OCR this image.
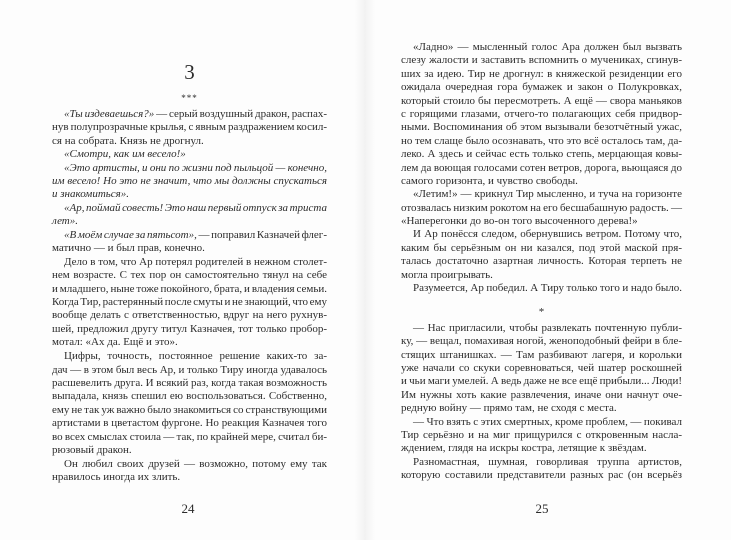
3
***
«Ты издеваешься?» — серый воздушный дракон, распах-
нув полупрозрачные крылья, с явным раздражением косил-
ся на собрата. Князь не дрогнул.
«Смотри, как им весело!»
«Это артисты, и они по жизни под пыльцой — конечно,
им весело! Но это не значит, что мы должны спускаться
и знакомиться».
«Ар, поймай совесть! Это наш первый отпуск за триста
лет».
«В моём случае за пятьсот», — поправил Казначей флег-
матично — и был прав, конечно.
Дело в том, что Ар потерял родителей в нежном столет-
нем возрасте. С тех пор он самостоятельно тянул на себе
и младшего, ныне тоже покойного, брата, и владения семьи.
Когда Тир, растерянный после смуты и не знающий, что ему
вообще делать с ответственностью, вдруг на него рухнув-
шей, предложил другу титул Казначея, тот только пробор-
мотал: «Ах да. Ещё и это».
Цифры, точность, постоянное решение каких-то за-
дач — в этом был весь Ар, и только Тиру иногда удавалось
расшевелить друга. И всякий раз, когда такая возможность
выпадала, князь спешил ею воспользоваться. Собственно,
ему не так уж важно было знакомиться со странствующими
артистами в цветастом фургоне. Но реакция Казначея того
во всех смыслах стоила — так, по крайней мере, считал би-
рюзовый дракон.
Он любил своих друзей — возможно, потому ему так
нравилось иногда их злить.
24
«Ладно» — мысленный голос Ара должен был вызвать
слезу жалости и заставить вспомнить о мучениках, сгинув-
ших за идею. Тир не дрогнул: в княжеской резиденции его
ожидала очередная гора бумажек и закон о Полукровках,
который стоило бы пересмотреть. А ещё — свора маньяков
с горящими глазами, отчего-то полагающих себя придвор-
ными. Воспоминания об этом вызывали безотчётный ужас,
но тем слаще было осознавать, что это всё осталось там, да-
леко. А здесь и сейчас есть только степь, мерцающая ковы-
лем да воющая голосами сотен ветров, дорога, вьющаяся до
самого горизонта, и чувство свободы.
«Летим!» — крикнул Тир мысленно, и туча на горизонте
отозвалась низким рокотом на его бесшабашную радость. —
«Наперегонки до во-он того высоченного дерева!»
И Ар понёсся следом, обернувшись ветром. Потому что,
каким бы серьёзным он ни казался, под этой маской пря-
талась достаточно азартная личность. Которая терпеть не
могла проигрывать.
Разумеется, Ар победил. А Тиру только того и надо было.
*
— Нас пригласили, чтобы развлекать почтенную публи-
ку, — вещал, помахивая ногой, женоподобный фейри в бле-
стящих штанишках. — Там разбивают лагеря, и корольки
уже начали со скуки соревноваться, чей шатер роскошней
и чьи маги умелей. А ведь даже не все ещё прибыли... Люди!
Им нужны хоть какие развлечения, иначе они начнут оче-
редную войну — прямо там, не сходя с места.
— Что взять с этих смертных, кроме проблем, — покивал
Тир серьёзно и на миг прищурился с откровенным насла-
ждением, глядя на искры костра, летящие к звёздам.
Разномастная, шумная, говорливая труппа артистов,
которую составили представители разных рас (он всерьёз
25
